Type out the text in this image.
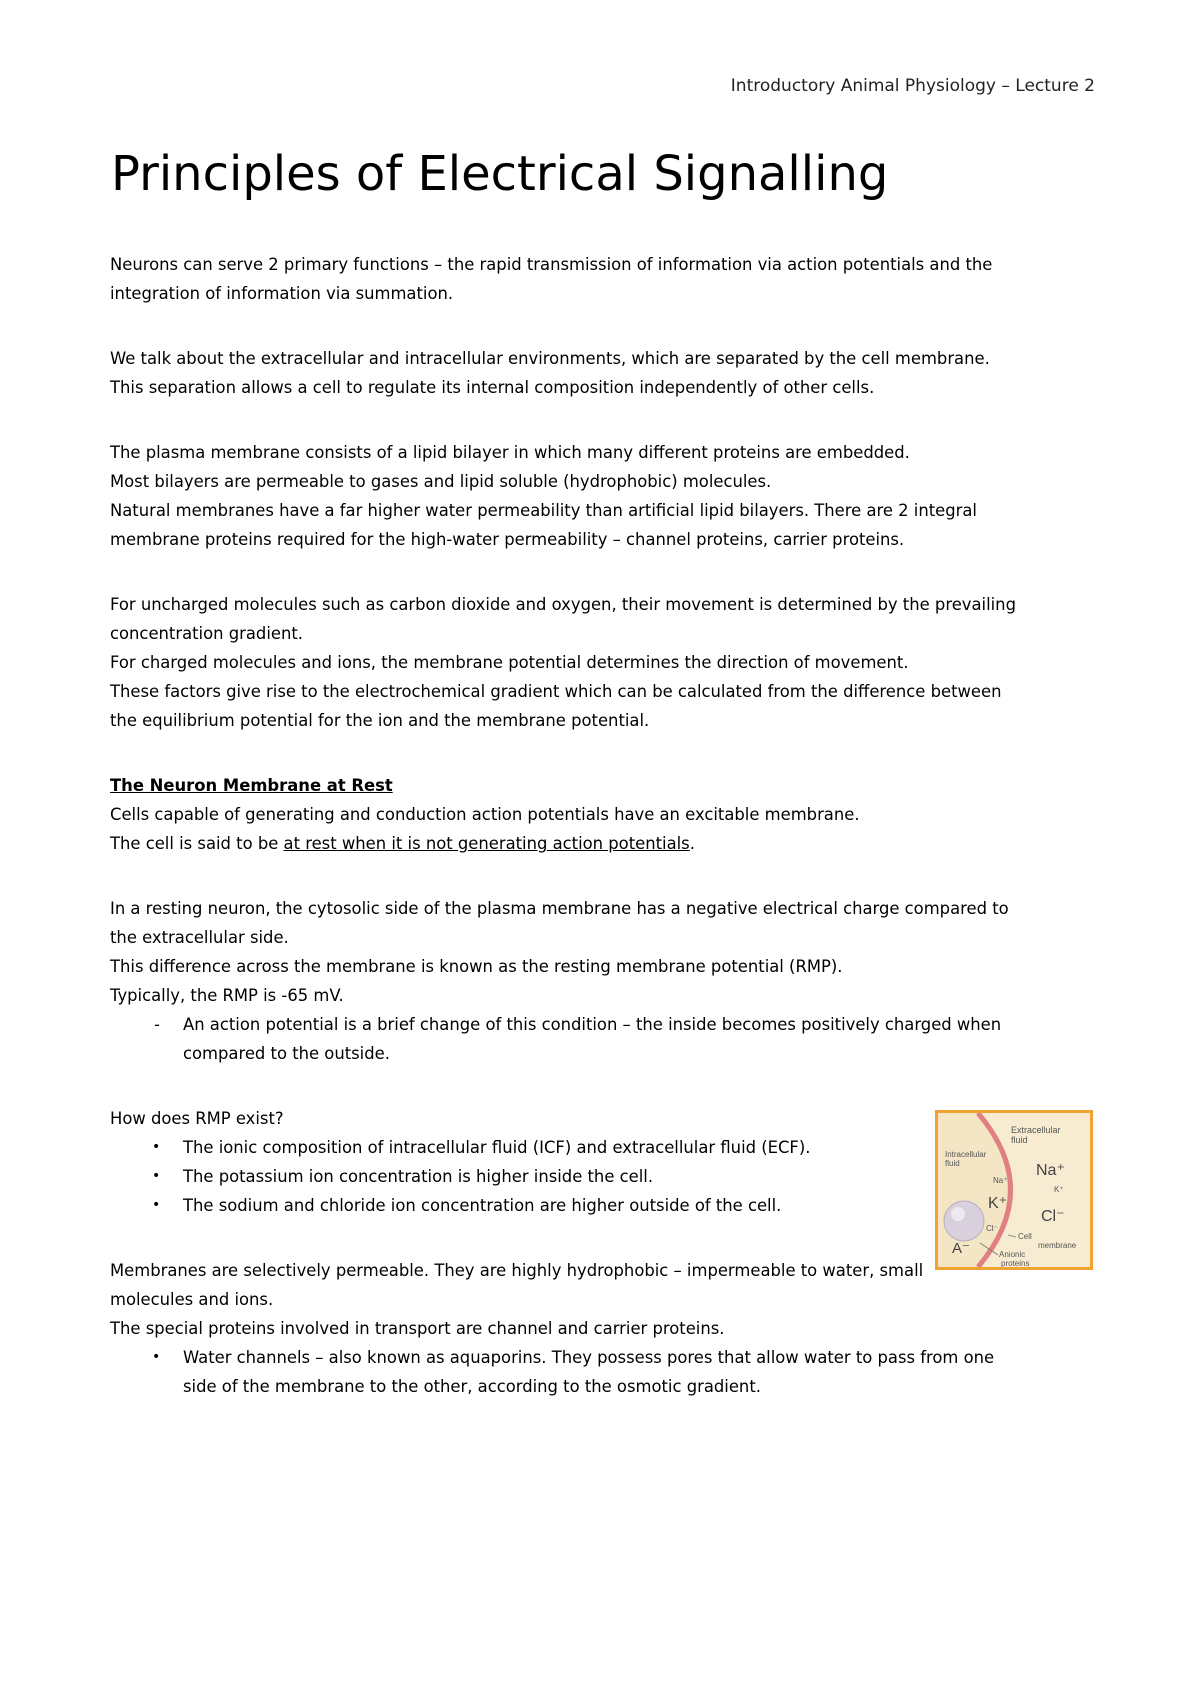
Introductory Animal Physiology – Lecture 2
Principles of Electrical Signalling

Neurons can serve 2 primary functions – the rapid transmission of information via action potentials and the

integration of information via summation.

We talk about the extracellular and intracellular environments, which are separated by the cell membrane.

This separation allows a cell to regulate its internal composition independently of other cells.

The plasma membrane consists of a lipid bilayer in which many different proteins are embedded.

Most bilayers are permeable to gases and lipid soluble (hydrophobic) molecules.

Natural membranes have a far higher water permeability than artificial lipid bilayers. There are 2 integral

membrane proteins required for the high-water permeability – channel proteins, carrier proteins.

For uncharged molecules such as carbon dioxide and oxygen, their movement is determined by the prevailing

concentration gradient.

For charged molecules and ions, the membrane potential determines the direction of movement.

These factors give rise to the electrochemical gradient which can be calculated from the difference between

the equilibrium potential for the ion and the membrane potential.

The Neuron Membrane at Rest

Cells capable of generating and conduction action potentials have an excitable membrane.

The cell is said to be at rest when it is not generating action potentials.

In a resting neuron, the cytosolic side of the plasma membrane has a negative electrical charge compared to

the extracellular side.

This difference across the membrane is known as the resting membrane potential (RMP).

Typically, the RMP is -65 mV.

- An action potential is a brief change of this condition – the inside becomes positively charged when

compared to the outside.

How does RMP exist?

• The ionic composition of intracellular fluid (ICF) and extracellular fluid (ECF).

• The potassium ion concentration is higher inside the cell.

• The sodium and chloride ion concentration are higher outside of the cell.

Membranes are selectively permeable. They are highly hydrophobic – impermeable to water, small

molecules and ions.

The special proteins involved in transport are channel and carrier proteins.

• Water channels – also known as aquaporins. They possess pores that allow water to pass from one

side of the membrane to the other, according to the osmotic gradient.

Extracellular
fluid
Intracellular
fluid	Na⁺
Na⁺
K⁺
K⁺
Cl⁻
Cl⁻
A⁻
Cell
membrane
Anionic
proteins
